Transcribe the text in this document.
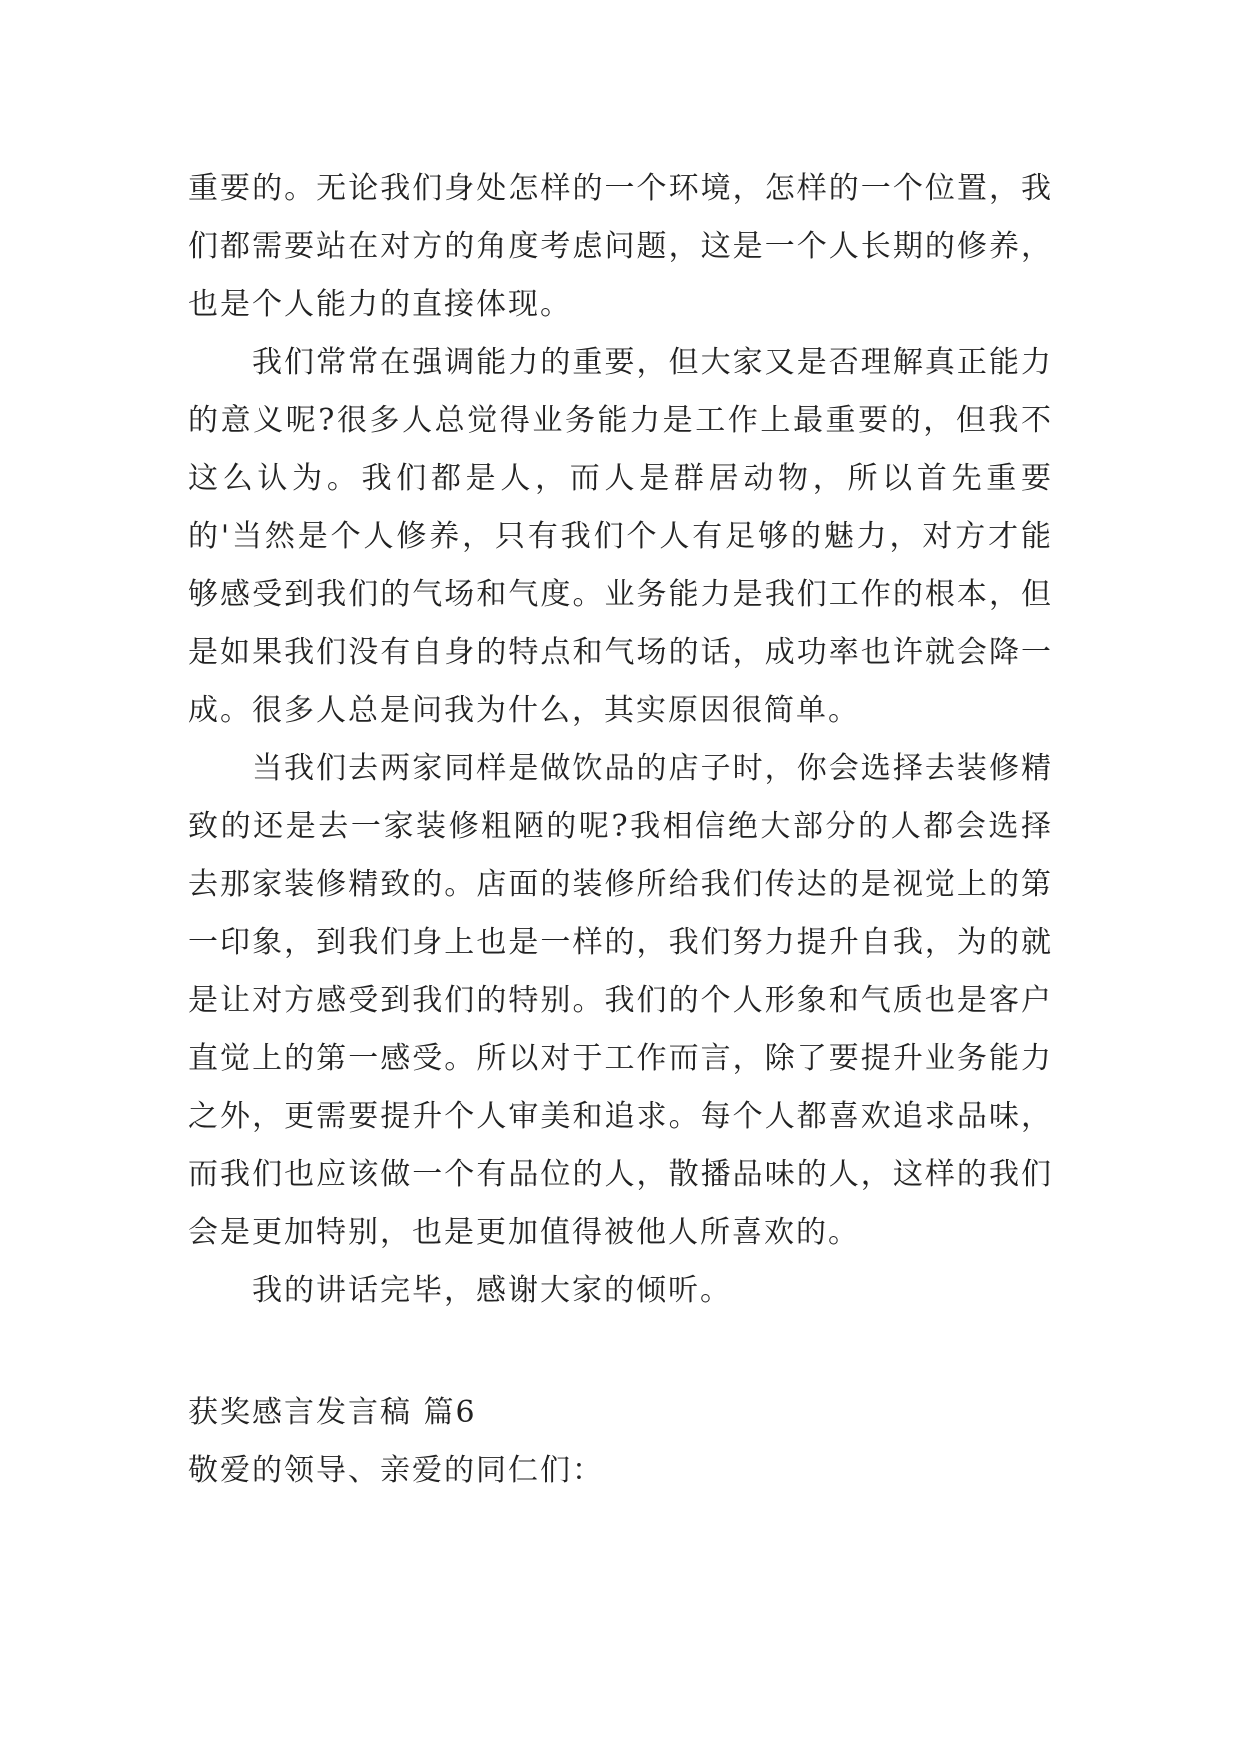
重要的。无论我们身处怎样的一个环境，怎样的一个位置，我们都需要站在对方的角度考虑问题，这是一个人长期的修养，也是个人能力的直接体现。

我们常常在强调能力的重要，但大家又是否理解真正能力的意义呢?很多人总觉得业务能力是工作上最重要的，但我不这么认为。我们都是人，而人是群居动物，所以首先重要的'当然是个人修养，只有我们个人有足够的魅力，对方才能够感受到我们的气场和气度。业务能力是我们工作的根本，但是如果我们没有自身的特点和气场的话，成功率也许就会降一成。很多人总是问我为什么，其实原因很简单。

当我们去两家同样是做饮品的店子时，你会选择去装修精致的还是去一家装修粗陋的呢?我相信绝大部分的人都会选择去那家装修精致的。店面的装修所给我们传达的是视觉上的第一印象，到我们身上也是一样的，我们努力提升自我，为的就是让对方感受到我们的特别。我们的个人形象和气质也是客户直觉上的第一感受。所以对于工作而言，除了要提升业务能力之外，更需要提升个人审美和追求。每个人都喜欢追求品味，而我们也应该做一个有品位的人，散播品味的人，这样的我们会是更加特别，也是更加值得被他人所喜欢的。

我的讲话完毕，感谢大家的倾听。

获奖感言发言稿 篇6

敬爱的领导、亲爱的同仁们：
